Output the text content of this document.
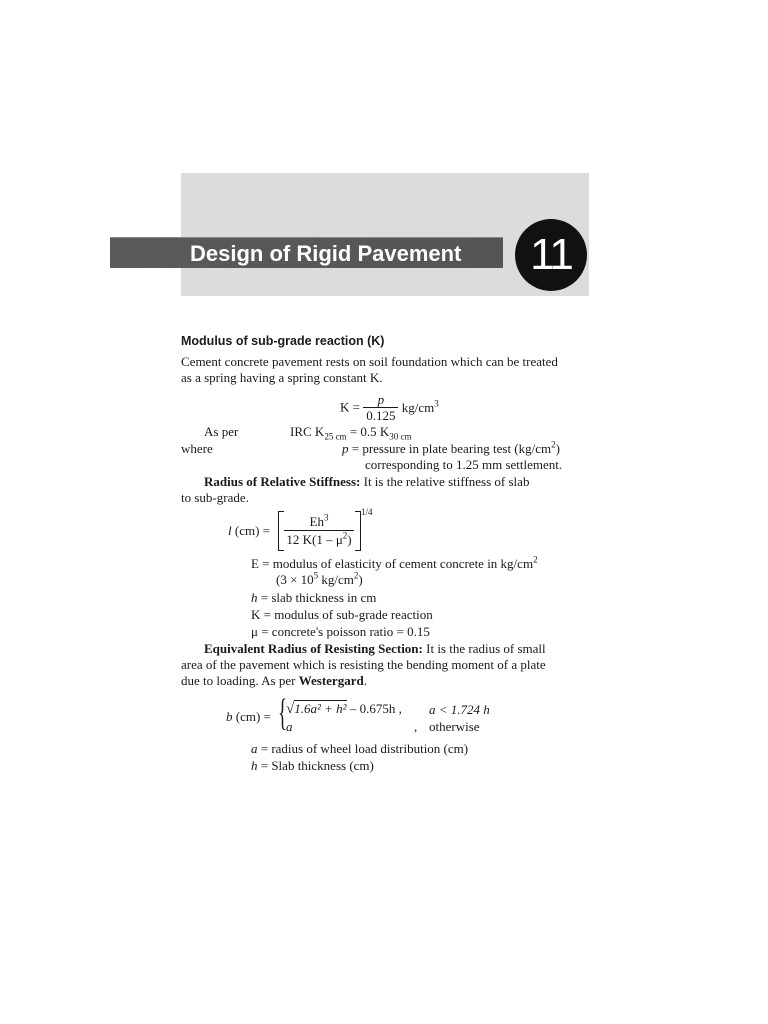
Design of Rigid Pavement	11
Modulus of sub-grade reaction (K)
Cement concrete pavement rests on soil foundation which can be treated
as a spring having a spring constant K.
$K = \frac{p}{0.125} kg/cm^3$
As per	IRC $K_{25 cm} = 0.5$ $K_{30 cm}$
where	p = pressure in plate bearing test $(kg/cm^2)$
corresponding to 1.25 mm settlement.
Radius of Relative Stiffness: It is the relative stiffness of slab
to sub-grade.
l $(cm) = \frac{Eh^3}{12 K(1 - \mu^2)}$
1/4
E = modulus of elasticity of cement concrete in $kg/cm^2$
($3 \times 10^5$ $kg/cm^2$)
h = slab thickness in cm
K = modulus of sub-grade reaction
μ = concrete's poisson ratio = 0.15
Equivalent Radius of Resisting Section: It is the radius of small
area of the pavement which is resisting the bending moment of a plate
due to loading. As per Westergard.
b (cm) = {
√1.6a² + h² – 0.675h , a < 1.724 h
a	, otherwise
a = radius of wheel load distribution (cm)
h = Slab thickness (cm)
